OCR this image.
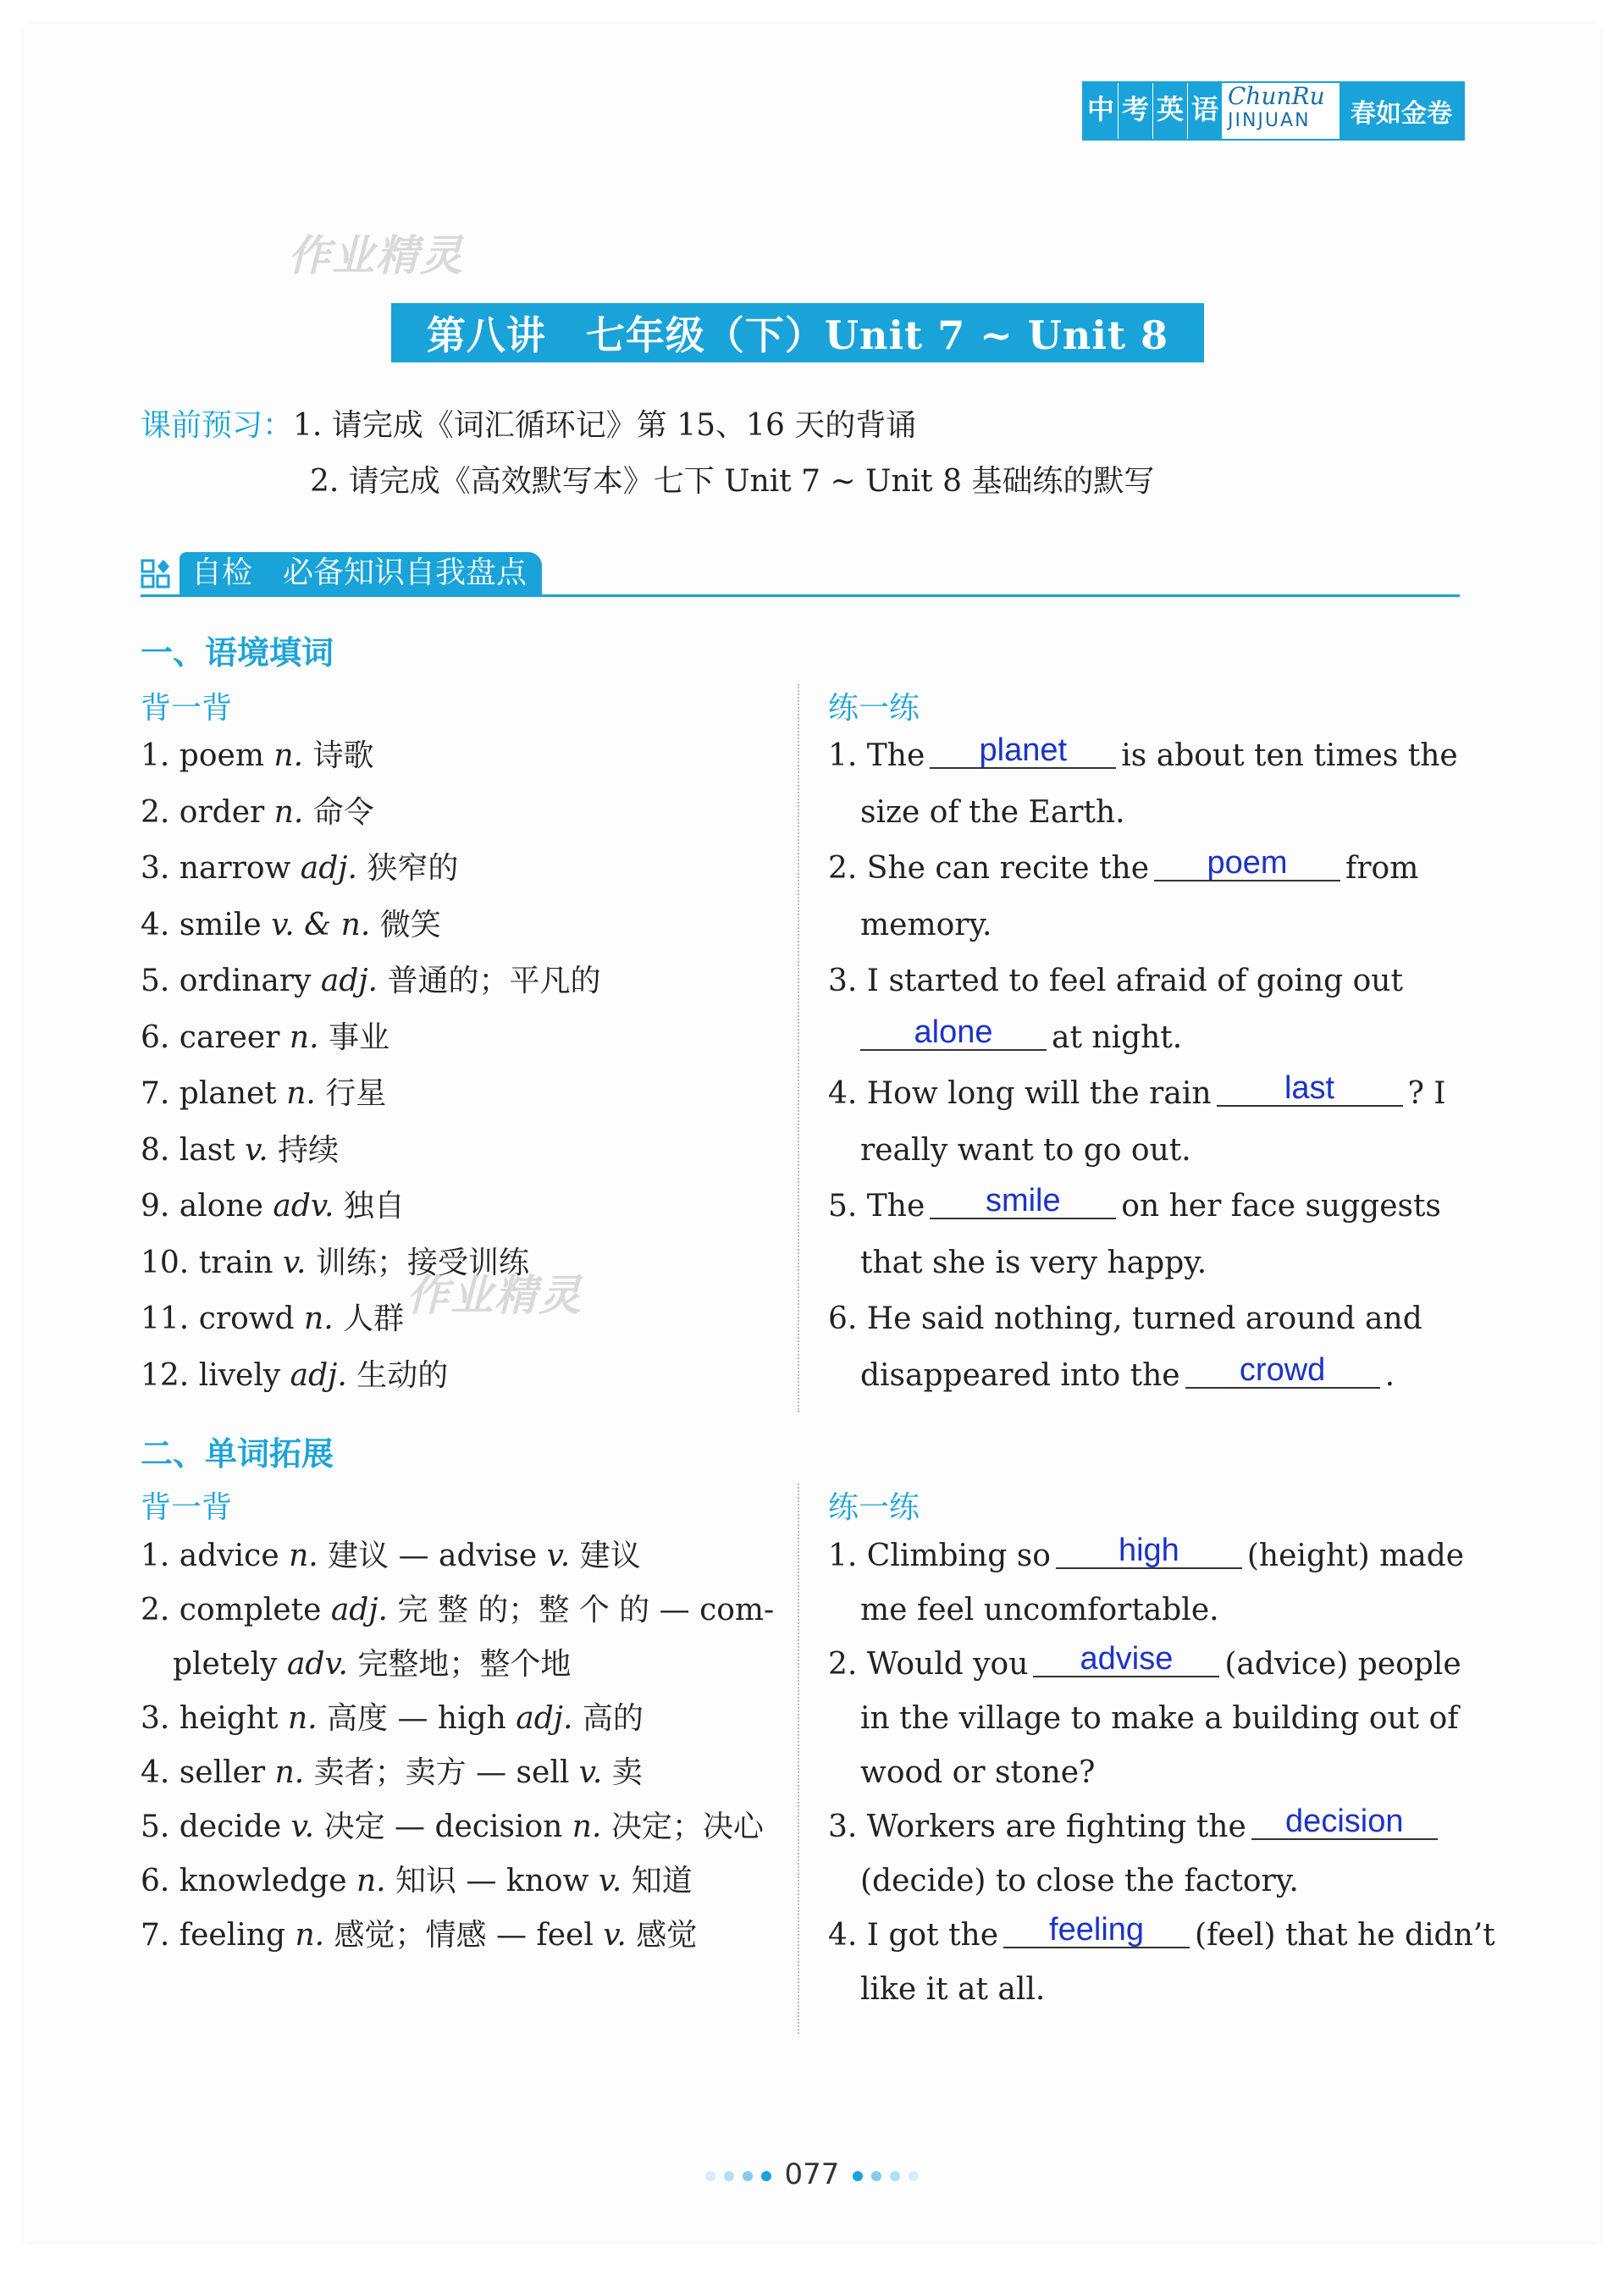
中 考 英 语 ChunRu
JINJUAN	春如金卷
作业精灵
作业精灵
第八讲　七年级（下）Unit 7 ~ Unit 8
课前预习：1. 请完成《词汇循环记》第 15、16 天的背诵
2. 请完成《高效默写本》七下 Unit 7 ~ Unit 8 基础练的默写
自检　必备知识自我盘点
一、语境填词
背一背	练一练
1. poem n. 诗歌
2. order n. 命令
3. narrow adj. 狭窄的
4. smile v. & n. 微笑
5. ordinary adj. 普通的；平凡的
6. career n. 事业
7. planet n. 行星
8. last v. 持续
9. alone adv. 独自
10. train v. 训练；接受训练
11. crowd n. 人群
12. lively adj. 生动的
1. The planet is about ten times the
size of the Earth.
2. She can recite the poem from
memory.
3. I started to feel afraid of going out
alone at night.
4. How long will the rain last ? I
really want to go out.
5. The smile on her face suggests
that she is very happy.
6. He said nothing, turned around and
disappeared into the crowd .
二、单词拓展
背一背	练一练
1. advice n. 建议 — advise v. 建议
2. complete adj. 完 整 的；整 个 的 — com-
pletely adv. 完整地；整个地
3. height n. 高度 — high adj. 高的
4. seller n. 卖者；卖方 — sell v. 卖
5. decide v. 决定 — decision n. 决定；决心
6. knowledge n. 知识 — know v. 知道
7. feeling n. 感觉；情感 — feel v. 感觉
1. Climbing so high (height) made
me feel uncomfortable.
2. Would you advise (advice) people
in the village to make a building out of
wood or stone?
3. Workers are fighting the decision
(decide) to close the factory.
4. I got the feeling (feel) that he didn’t
like it at all.
077
